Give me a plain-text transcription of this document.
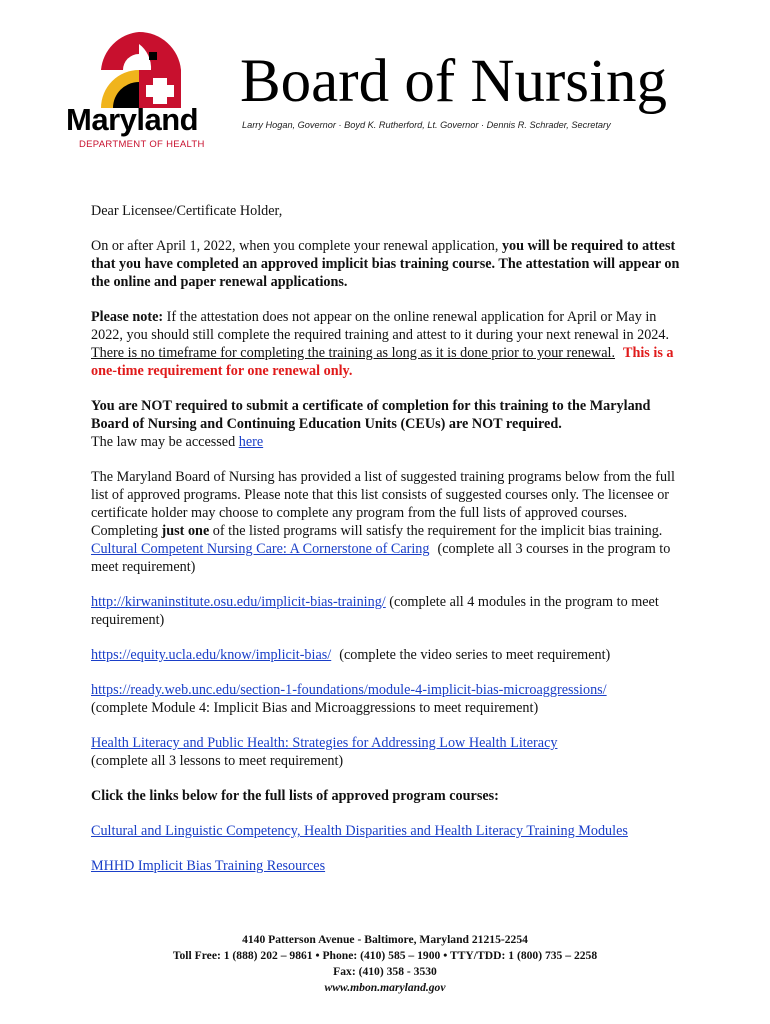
Maryland
DEPARTMENT OF HEALTH
Board of Nursing
Larry Hogan, Governor · Boyd K. Rutherford, Lt. Governor · Dennis R. Schrader, Secretary

Dear Licensee/Certificate Holder,

On or after April 1, 2022, when you complete your renewal application, you will be required to attest that you have completed an approved implicit bias training course. The attestation will appear on the online and paper renewal applications.

Please note: If the attestation does not appear on the online renewal application for April or May in 2022, you should still complete the required training and attest to it during your next renewal in 2024. There is no timeframe for completing the training as long as it is done prior to your renewal. This is a one-time requirement for one renewal only.

You are NOT required to submit a certificate of completion for this training to the Maryland Board of Nursing and Continuing Education Units (CEUs) are NOT required.
The law may be accessed here

The Maryland Board of Nursing has provided a list of suggested training programs below from the full list of approved programs. Please note that this list consists of suggested courses only. The licensee or certificate holder may choose to complete any program from the full lists of approved courses.

Completing just one of the listed programs will satisfy the requirement for the implicit bias training.

Cultural Competent Nursing Care: A Cornerstone of Caring (complete all 3 courses in the program to meet requirement)

http://kirwaninstitute.osu.edu/implicit-bias-training/ (complete all 4 modules in the program to meet requirement)

https://equity.ucla.edu/know/implicit-bias/ (complete the video series to meet requirement)

https://ready.web.unc.edu/section-1-foundations/module-4-implicit-bias-microaggressions/
(complete Module 4: Implicit Bias and Microaggressions to meet requirement)

Health Literacy and Public Health: Strategies for Addressing Low Health Literacy
(complete all 3 lessons to meet requirement)

Click the links below for the full lists of approved program courses:

Cultural and Linguistic Competency, Health Disparities and Health Literacy Training Modules

MHHD Implicit Bias Training Resources

4140 Patterson Avenue - Baltimore, Maryland 21215-2254
Toll Free: 1 (888) 202 – 9861 • Phone: (410) 585 – 1900 • TTY/TDD: 1 (800) 735 – 2258
Fax: (410) 358 - 3530
www.mbon.maryland.gov
